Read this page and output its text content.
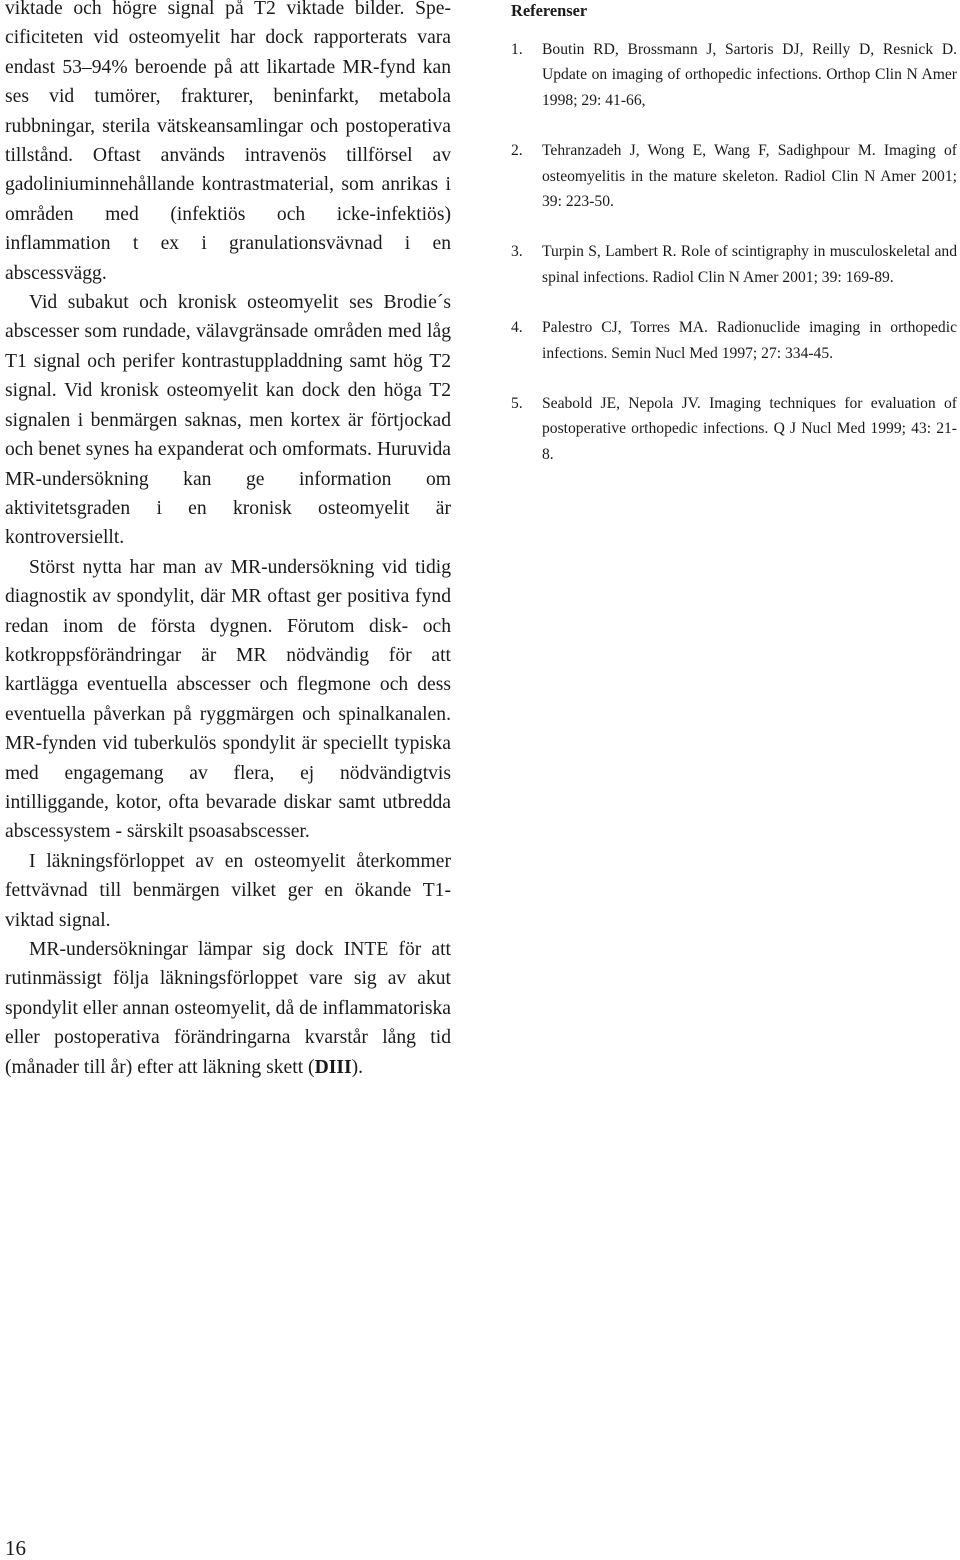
viktade och högre signal på T2 viktade bilder. Specificiteten vid osteomyelit har dock rapporterats vara endast 53–94% beroende på att likartade MR-fynd kan ses vid tumörer, frakturer, beninfarkt, metabola rubbningar, sterila vätskeansamlingar och postoperativa tillstånd. Oftast används intravenös tillförsel av gadoliniuminnehållande kontrastmaterial, som anrikas i områden med (infektiös och icke-infektiös) inflammation t ex i granulationsvävnad i en abscessvägg.

Vid subakut och kronisk osteomyelit ses Brodie´s abscesser som rundade, välavgränsade områden med låg T1 signal och perifer kontrastuppladdning samt hög T2 signal. Vid kronisk osteomyelit kan dock den höga T2 signalen i benmärgen saknas, men kortex är förtjockad och benet synes ha expanderat och omformats. Huruvida MR-undersökning kan ge information om aktivitetsgraden i en kronisk osteomyelit är kontroversiellt.

Störst nytta har man av MR-undersökning vid tidig diagnostik av spondylit, där MR oftast ger positiva fynd redan inom de första dygnen. Förutom disk- och kotkroppsförändringar är MR nödvändig för att kartlägga eventuella abscesser och flegmone och dess eventuella påverkan på ryggmärgen och spinalkanalen. MR-fynden vid tuberkulös spondylit är speciellt typiska med engagemang av flera, ej nödvändigtvis intilliggande, kotor, ofta bevarade diskar samt utbredda abscessystem - särskilt psoasabscesser.

I läkningsförloppet av en osteomyelit återkommer fettvävnad till benmärgen vilket ger en ökande T1-viktad signal.

MR-undersökningar lämpar sig dock INTE för att rutinmässigt följa läkningsförloppet vare sig av akut spondylit eller annan osteomyelit, då de inflammatoriska eller postoperativa förändringarna kvarstår lång tid (månader till år) efter att läkning skett (DIII).

Referenser
1.	Boutin RD, Brossmann J, Sartoris DJ, Reilly D, Resnick D. Update on imaging of orthopedic infections. Orthop Clin N Amer 1998; 29: 41-66,
2.	Tehranzadeh J, Wong E, Wang F, Sadighpour M. Imaging of osteomyelitis in the mature skeleton. Radiol Clin N Amer 2001; 39: 223-50.
3.	Turpin S, Lambert R. Role of scintigraphy in musculoskeletal and spinal infections. Radiol Clin N Amer 2001; 39: 169-89.
4.	Palestro CJ, Torres MA. Radionuclide imaging in orthopedic infections. Semin Nucl Med 1997; 27: 334-45.
5.	Seabold JE, Nepola JV. Imaging techniques for evaluation of postoperative orthopedic infections. Q J Nucl Med 1999; 43: 21-8.
16
